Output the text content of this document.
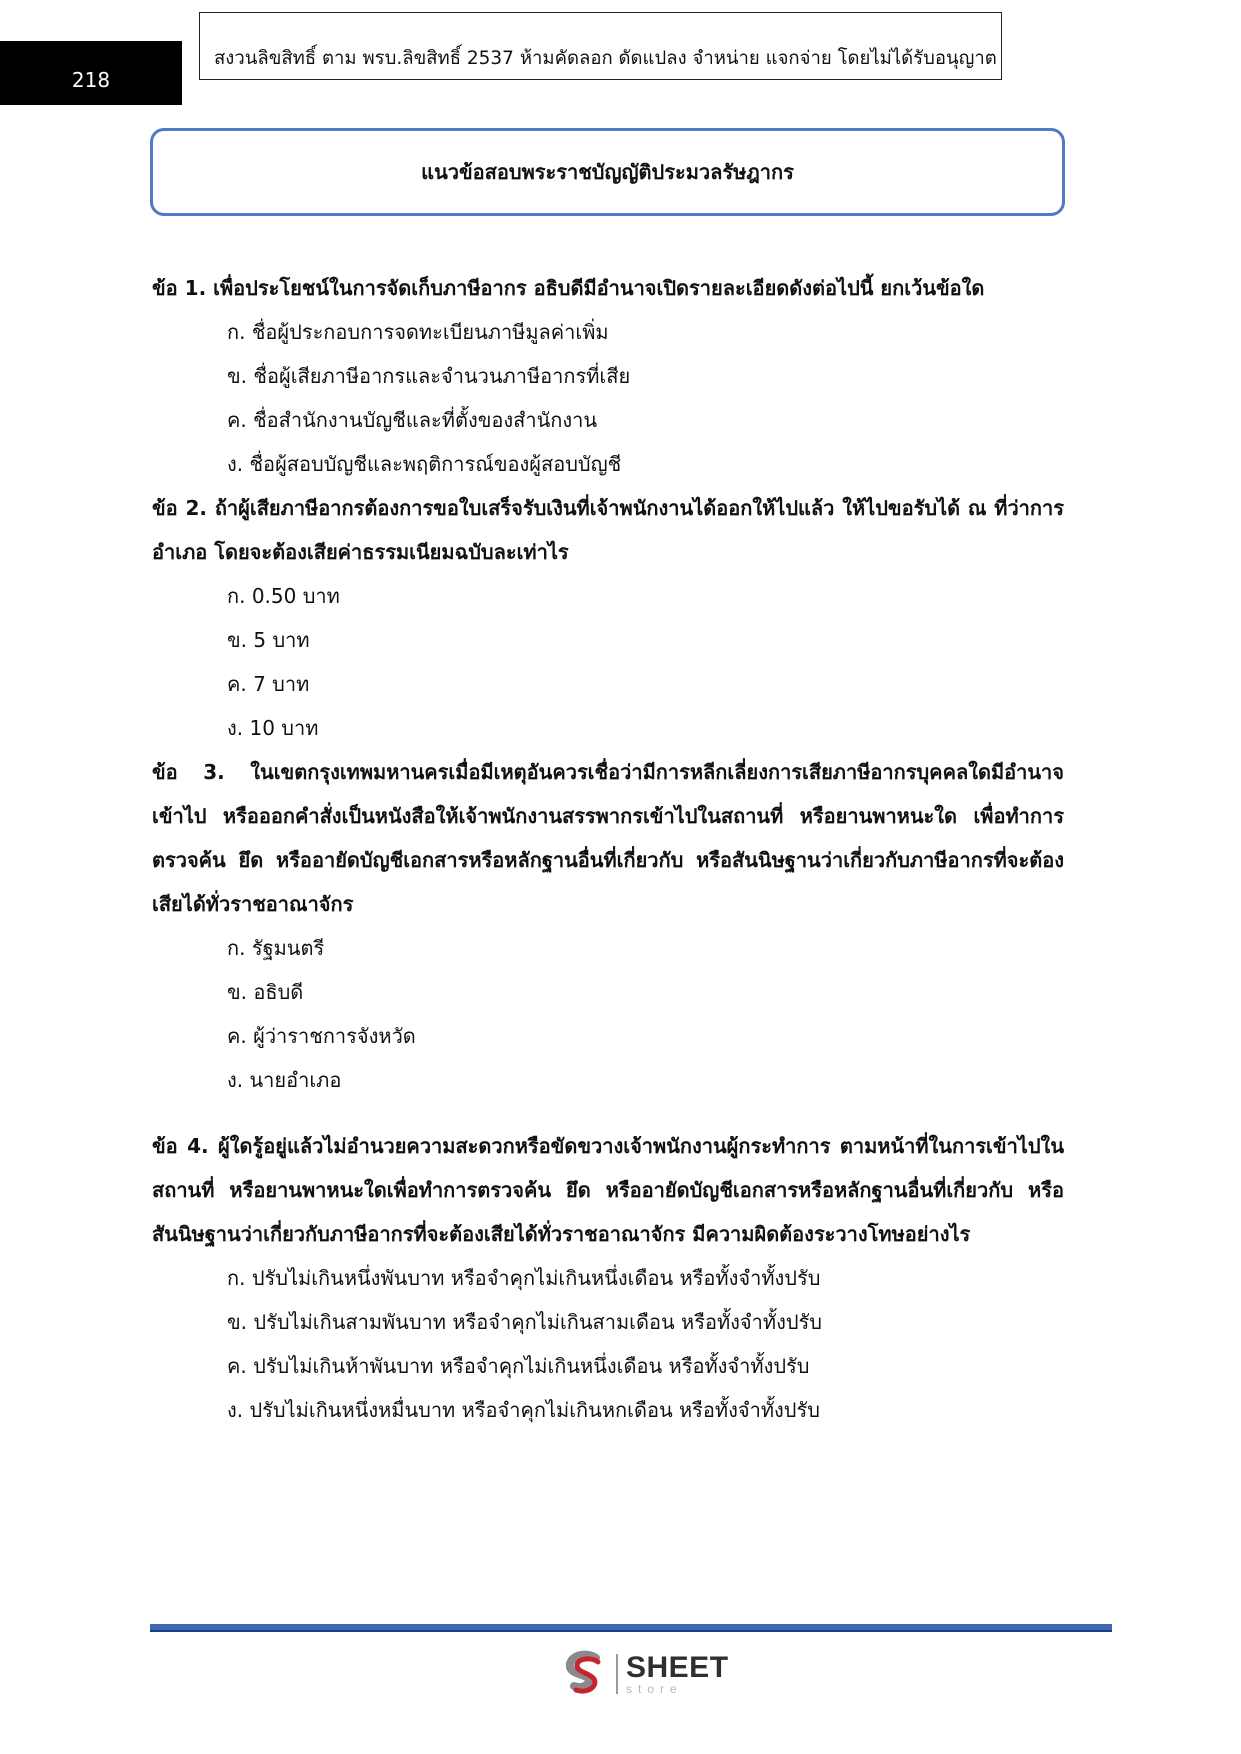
218
สงวนลิขสิทธิ์ ตาม พรบ.ลิขสิทธิ์ 2537 ห้ามคัดลอก ดัดแปลง จำหน่าย แจกจ่าย โดยไม่ได้รับอนุญาต
แนวข้อสอบพระราชบัญญัติประมวลรัษฎากร
ข้อ 1. เพื่อประโยชน์ในการจัดเก็บภาษีอากร อธิบดีมีอำนาจเปิดรายละเอียดดังต่อไปนี้ ยกเว้นข้อใด
ก. ชื่อผู้ประกอบการจดทะเบียนภาษีมูลค่าเพิ่ม
ข. ชื่อผู้เสียภาษีอากรและจำนวนภาษีอากรที่เสีย
ค. ชื่อสำนักงานบัญชีและที่ตั้งของสำนักงาน
ง. ชื่อผู้สอบบัญชีและพฤติการณ์ของผู้สอบบัญชี
ข้อ 2. ถ้าผู้เสียภาษีอากรต้องการขอใบเสร็จรับเงินที่เจ้าพนักงานได้ออกให้ไปแล้ว ให้ไปขอรับได้ ณ ที่ว่าการอำเภอ โดยจะต้องเสียค่าธรรมเนียมฉบับละเท่าไร
ก. 0.50 บาท
ข. 5 บาท
ค. 7 บาท
ง. 10 บาท
ข้อ 3. ในเขตกรุงเทพมหานครเมื่อมีเหตุอันควรเชื่อว่ามีการหลีกเลี่ยงการเสียภาษีอากรบุคคลใดมีอำนาจเข้าไป หรือออกคำสั่งเป็นหนังสือให้เจ้าพนักงานสรรพากรเข้าไปในสถานที่ หรือยานพาหนะใด เพื่อทำการตรวจค้น ยึด หรืออายัดบัญชีเอกสารหรือหลักฐานอื่นที่เกี่ยวกับ หรือสันนิษฐานว่าเกี่ยวกับภาษีอากรที่จะต้องเสียได้ทั่วราชอาณาจักร
ก. รัฐมนตรี
ข. อธิบดี
ค. ผู้ว่าราชการจังหวัด
ง. นายอำเภอ
ข้อ 4. ผู้ใดรู้อยู่แล้วไม่อำนวยความสะดวกหรือขัดขวางเจ้าพนักงานผู้กระทำการ ตามหน้าที่ในการเข้าไปในสถานที่ หรือยานพาหนะใดเพื่อทำการตรวจค้น ยึด หรืออายัดบัญชีเอกสารหรือหลักฐานอื่นที่เกี่ยวกับ หรือสันนิษฐานว่าเกี่ยวกับภาษีอากรที่จะต้องเสียได้ทั่วราชอาณาจักร มีความผิดต้องระวางโทษอย่างไร
ก. ปรับไม่เกินหนึ่งพันบาท หรือจำคุกไม่เกินหนึ่งเดือน หรือทั้งจำทั้งปรับ
ข. ปรับไม่เกินสามพันบาท หรือจำคุกไม่เกินสามเดือน หรือทั้งจำทั้งปรับ
ค. ปรับไม่เกินห้าพันบาท หรือจำคุกไม่เกินหนึ่งเดือน หรือทั้งจำทั้งปรับ
ง. ปรับไม่เกินหนึ่งหมื่นบาท หรือจำคุกไม่เกินหกเดือน หรือทั้งจำทั้งปรับ
SHEET
store
